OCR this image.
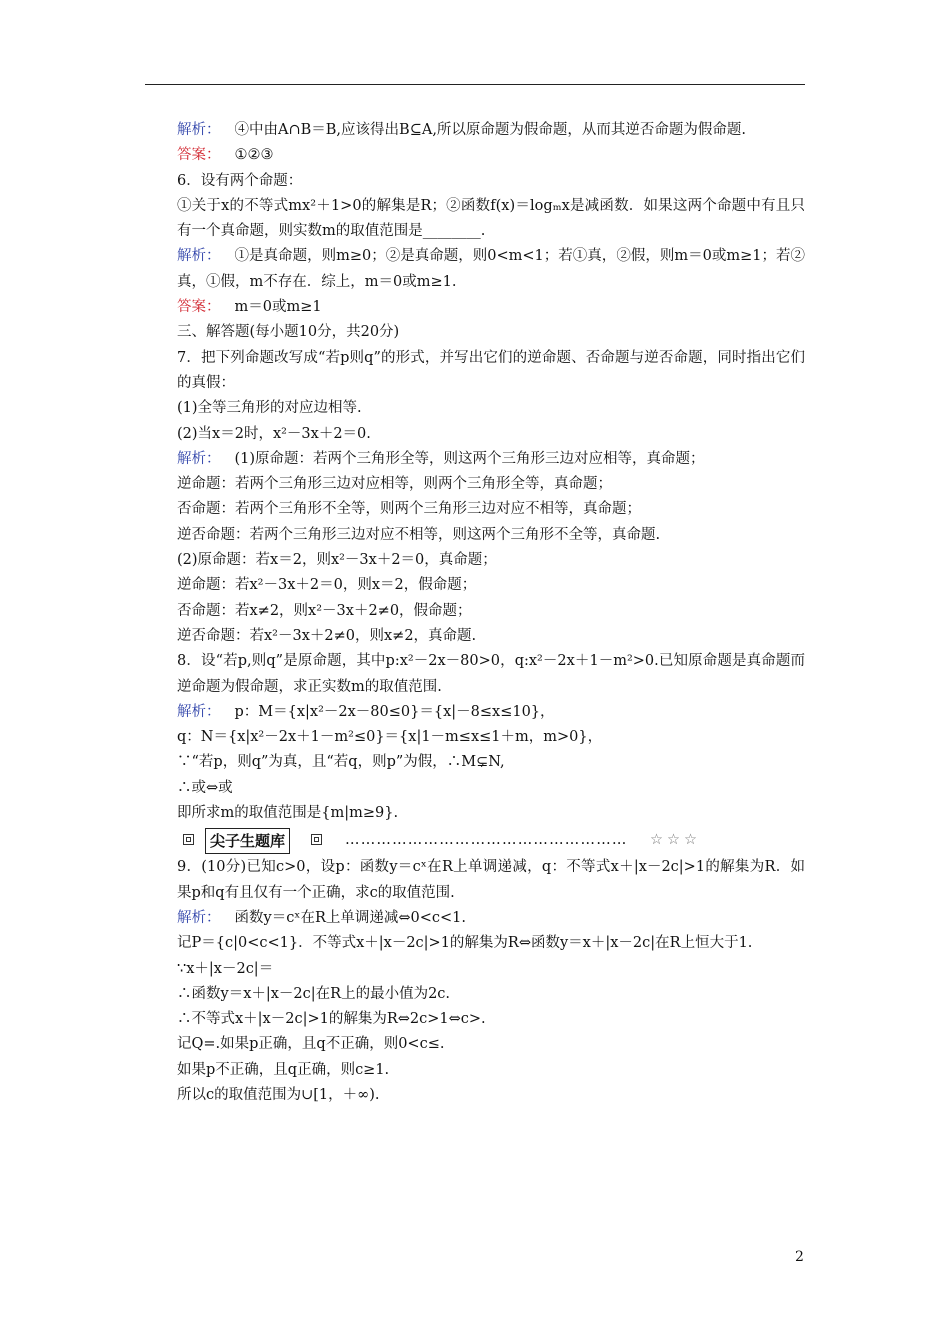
解析： ④中由A∩B＝B,应该得出B⊆A,所以原命题为假命题，从而其逆否命题为假命题.

答案： ①②③

6．设有两个命题：

①关于x的不等式mx²＋1>0的解集是R；②函数f(x)＝logₘx是减函数．如果这两个命题中有且只有一个真命题，则实数m的取值范围是________.

解析： ①是真命题，则m≥0；②是真命题，则0<m<1；若①真，②假，则m＝0或m≥1；若②真，①假，m不存在．综上，m＝0或m≥1.

答案： m＝0或m≥1

三、解答题(每小题10分，共20分)

7．把下列命题改写成“若p则q”的形式，并写出它们的逆命题、否命题与逆否命题，同时指出它们的真假：

(1)全等三角形的对应边相等.

(2)当x＝2时，x²－3x＋2＝0.

解析： (1)原命题：若两个三角形全等，则这两个三角形三边对应相等，真命题；

逆命题：若两个三角形三边对应相等，则两个三角形全等，真命题；

否命题：若两个三角形不全等，则两个三角形三边对应不相等，真命题；

逆否命题：若两个三角形三边对应不相等，则这两个三角形不全等，真命题.

(2)原命题：若x＝2，则x²－3x＋2＝0，真命题；

逆命题：若x²－3x＋2＝0，则x＝2，假命题；

否命题：若x≠2，则x²－3x＋2≠0，假命题；

逆否命题：若x²－3x＋2≠0，则x≠2，真命题.

8．设“若p,则q”是原命题，其中p:x²－2x－80>0，q:x²－2x＋1－m²>0.已知原命题是真命题而逆命题为假命题，求正实数m的取值范围.

解析： p：M＝{x|x²－2x－80≤0}＝{x|－8≤x≤10}，

q：N＝{x|x²－2x＋1－m²≤0}＝{x|1－m≤x≤1＋m，m>0}，

∵“若p，则q”为真，且“若q，则p”为假，∴M⊊N,

∴或⇔或

即所求m的取值范围是{m|m≥9}.

尖子生题库	……………………………………………… ☆☆☆

9．(10分)已知c>0，设p：函数y＝cˣ在R上单调递减，q：不等式x＋|x－2c|>1的解集为R．如果p和q有且仅有一个正确，求c的取值范围.

解析： 函数y＝cˣ在R上单调递减⇔0<c<1.

记P＝{c|0<c<1}．不等式x＋|x－2c|>1的解集为R⇔函数y＝x＋|x－2c|在R上恒大于1.

∵x＋|x－2c|＝

∴函数y＝x＋|x－2c|在R上的最小值为2c.

∴不等式x＋|x－2c|>1的解集为R⇔2c>1⇔c>.

记Q=.如果p正确，且q不正确，则0<c≤.

如果p不正确，且q正确，则c≥1.

所以c的取值范围为∪[1，＋∞).

2
